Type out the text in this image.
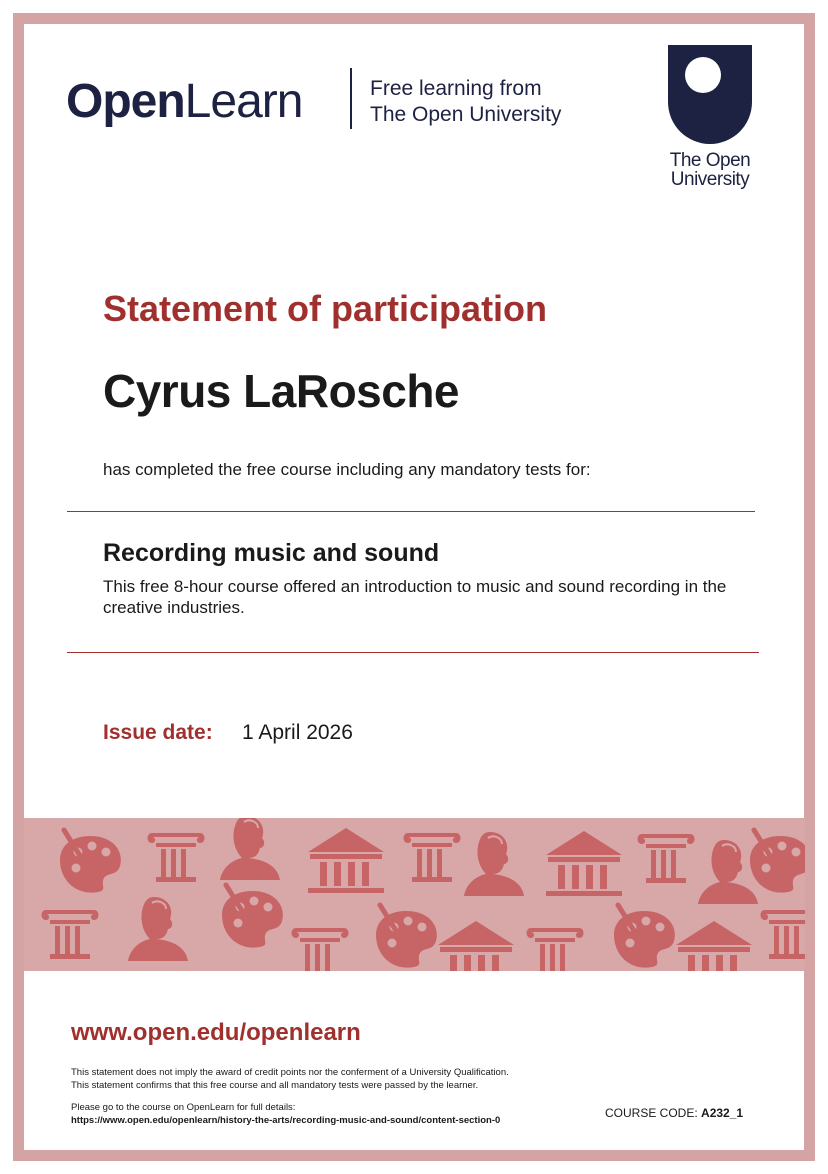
OpenLearn	Free learning from
The Open University
The Open
University
Statement of participation
Cyrus LaRosche
has completed the free course including any mandatory tests for:
Recording music and sound
This free 8-hour course offered an introduction to music and sound recording in the creative industries.
Issue date: 1 April 2026
www.open.edu/openlearn
This statement does not imply the award of credit points nor the conferment of a University Qualification.
This statement confirms that this free course and all mandatory tests were passed by the learner.
Please go to the course on OpenLearn for full details:
https://www.open.edu/openlearn/history-the-arts/recording-music-and-sound/content-section-0
COURSE CODE: A232_1
